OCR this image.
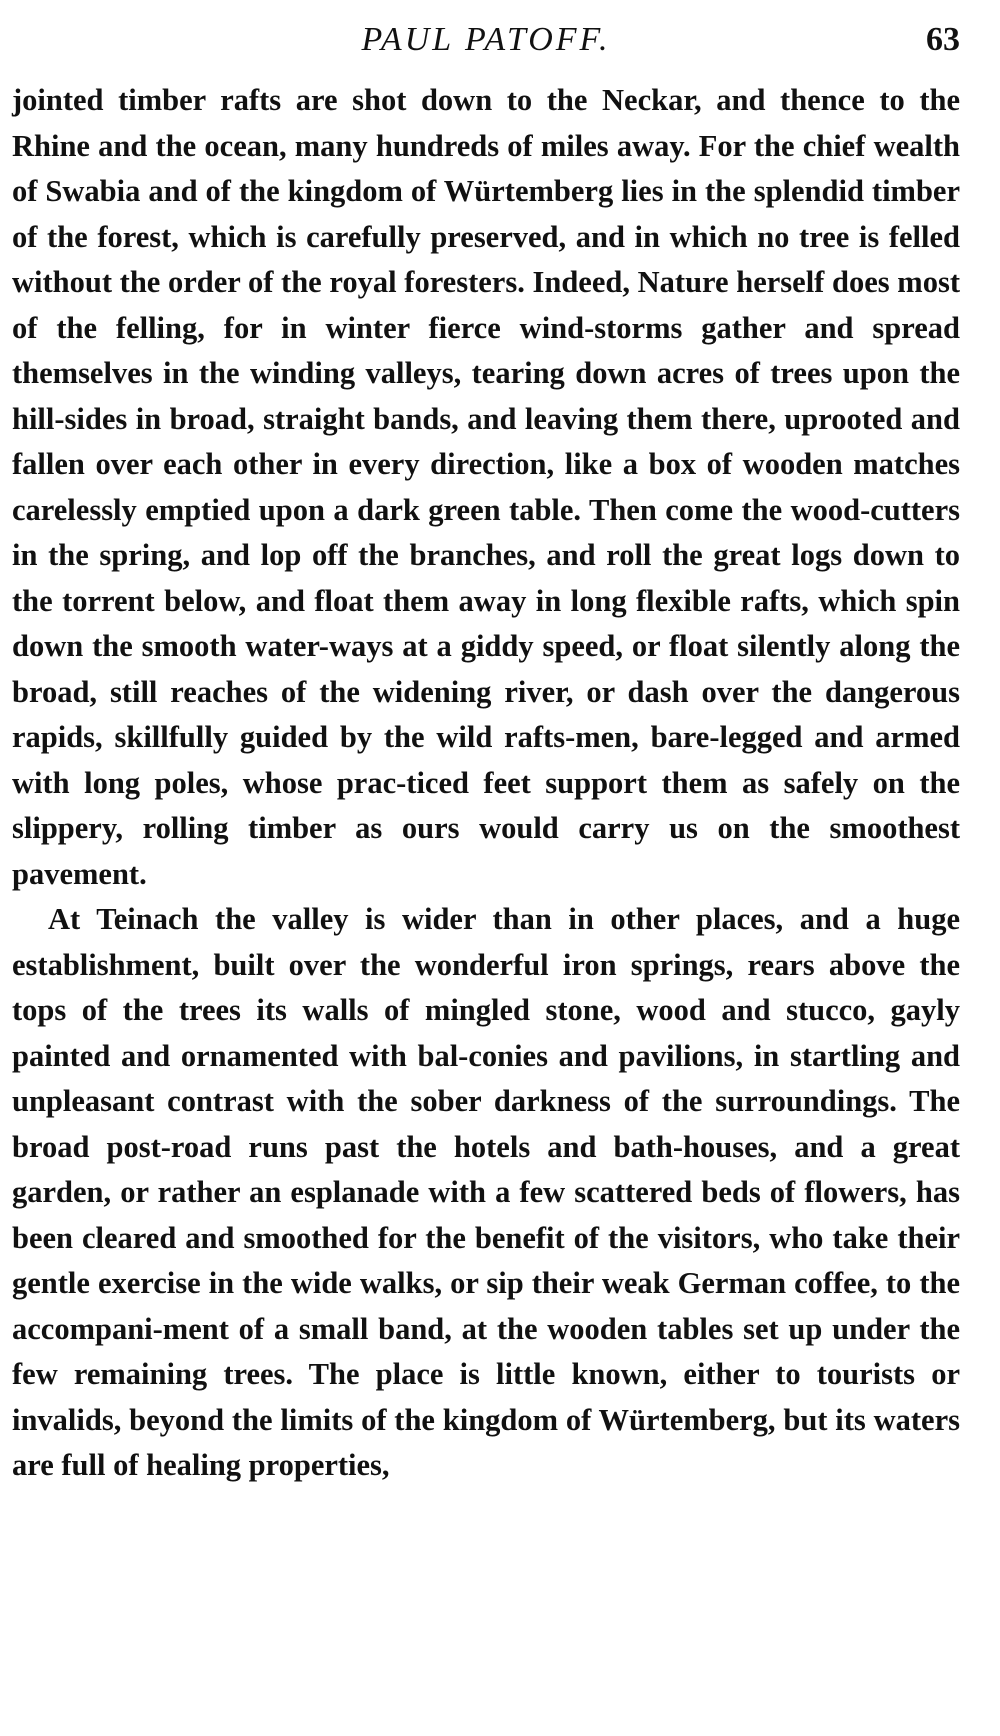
PAUL PATOFF.	63

jointed timber rafts are shot down to the Neckar, and thence to the Rhine and the ocean, many hundreds of miles away. For the chief wealth of Swabia and of the kingdom of Würtemberg lies in the splendid timber of the forest, which is carefully preserved, and in which no tree is felled without the order of the royal foresters. Indeed, Nature herself does most of the felling, for in winter fierce wind-storms gather and spread themselves in the winding valleys, tearing down acres of trees upon the hill-sides in broad, straight bands, and leaving them there, uprooted and fallen over each other in every direction, like a box of wooden matches carelessly emptied upon a dark green table. Then come the wood-cutters in the spring, and lop off the branches, and roll the great logs down to the torrent below, and float them away in long flexible rafts, which spin down the smooth water-ways at a giddy speed, or float silently along the broad, still reaches of the widening river, or dash over the dangerous rapids, skillfully guided by the wild rafts-men, bare-legged and armed with long poles, whose prac-ticed feet support them as safely on the slippery, rolling timber as ours would carry us on the smoothest pavement.

At Teinach the valley is wider than in other places, and a huge establishment, built over the wonderful iron springs, rears above the tops of the trees its walls of mingled stone, wood and stucco, gayly painted and ornamented with bal-conies and pavilions, in startling and unpleasant contrast with the sober darkness of the surroundings. The broad post-road runs past the hotels and bath-houses, and a great garden, or rather an esplanade with a few scattered beds of flowers, has been cleared and smoothed for the benefit of the visitors, who take their gentle exercise in the wide walks, or sip their weak German coffee, to the accompani-ment of a small band, at the wooden tables set up under the few remaining trees. The place is little known, either to tourists or invalids, beyond the limits of the kingdom of Würtemberg, but its waters are full of healing properties,
